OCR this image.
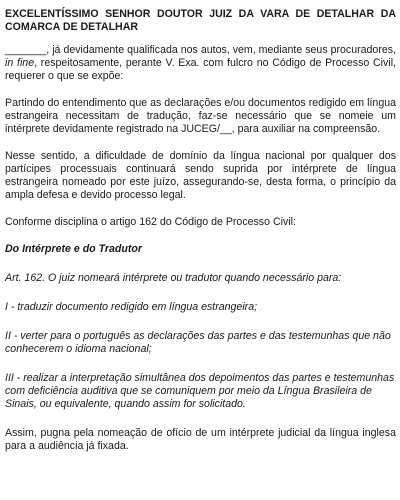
EXCELENTÍSSIMO SENHOR DOUTOR JUIZ DA VARA DE DETALHAR DA COMARCA DE DETALHAR

_______, já devidamente qualificada nos autos, vem, mediante seus procuradores, in fine, respeitosamente, perante V. Exa. com fulcro no Código de Processo Civil, requerer o que se expõe:

Partindo do entendimento que as declarações e/ou documentos redigido em língua estrangeira necessitam de tradução, faz-se necessário que se nomeie um intérprete devidamente registrado na JUCEG/__, para auxiliar na compreensão.

Nesse sentido, a dificuldade de domínio da língua nacional por qualquer dos partícipes processuais continuará sendo suprida por intérprete de língua estrangeira nomeado por este juízo, assegurando-se, desta forma, o princípio da ampla defesa e devido processo legal.

Conforme disciplina o artigo 162 do Código de Processo Civil:

Do Intérprete e do Tradutor
Art. 162. O juiz nomeará intérprete ou tradutor quando necessário para:
I - traduzir documento redigido em língua estrangeira;
II - verter para o português as declarações das partes e das testemunhas que não conhecerem o idioma nacional;
III - realizar a interpretação simultânea dos depoimentos das partes e testemunhas com deficiência auditiva que se comuniquem por meio da Língua Brasileira de Sinais, ou equivalente, quando assim for solicitado.

Assim, pugna pela nomeação de ofício de um intérprete judicial da língua inglesa para a audiência já fixada.
